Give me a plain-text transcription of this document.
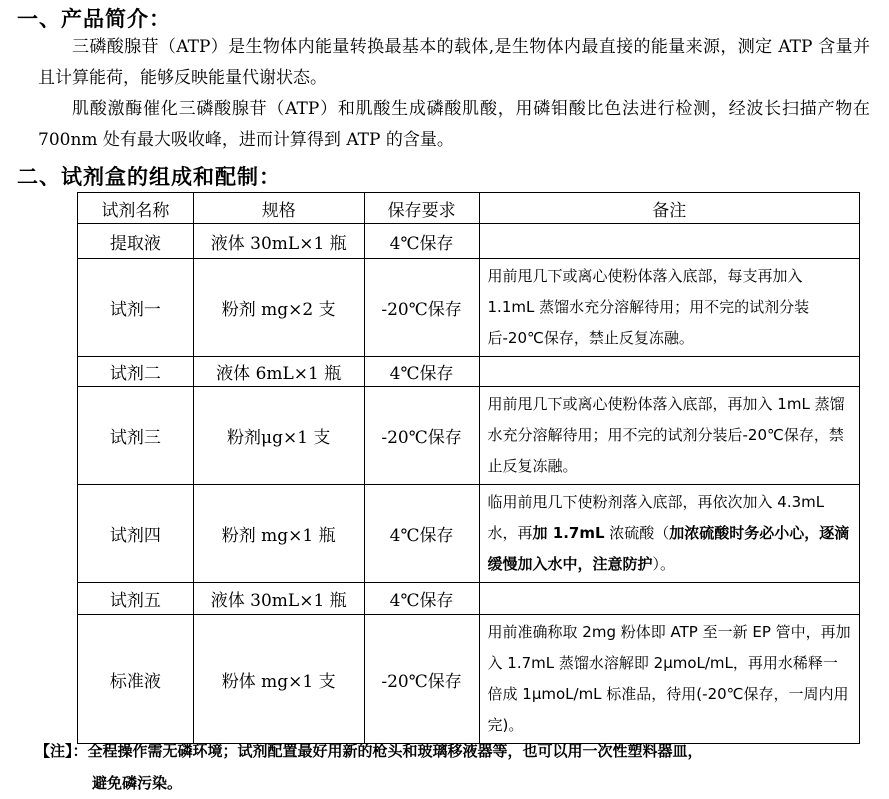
一、产品简介：

三磷酸腺苷（ATP）是生物体内能量转换最基本的载体,是生物体内最直接的能量来源，测定 ATP 含量并且计算能荷，能够反映能量代谢状态。

肌酸激酶催化三磷酸腺苷（ATP）和肌酸生成磷酸肌酸，用磷钼酸比色法进行检测，经波长扫描产物在 700nm 处有最大吸收峰，进而计算得到 ATP 的含量。

二、试剂盒的组成和配制：
试剂名称	规格	保存要求	备注
提取液	液体 30mL×1 瓶	4℃保存	
试剂一	粉剂 mg×2 支	-20℃保存	用前甩几下或离心使粉体落入底部，每支再加入 1.1mL 蒸馏水充分溶解待用；用不完的试剂分装后-20℃保存，禁止反复冻融。
试剂二	液体 6mL×1 瓶	4℃保存	
试剂三	粉剂μg×1 支	-20℃保存	用前甩几下或离心使粉体落入底部，再加入 1mL 蒸馏水充分溶解待用；用不完的试剂分装后-20℃保存，禁止反复冻融。
试剂四	粉剂 mg×1 瓶	4℃保存	临用前甩几下使粉剂落入底部，再依次加入 4.3mL 水，再加 1.7mL 浓硫酸（加浓硫酸时务必小心，逐滴缓慢加入水中，注意防护）。
试剂五	液体 30mL×1 瓶	4℃保存	
标准液	粉体 mg×1 支	-20℃保存	用前准确称取 2mg 粉体即 ATP 至一新 EP 管中，再加入 1.7mL 蒸馏水溶解即 2μmoL/mL，再用水稀释一倍成 1μmoL/mL 标准品，待用(-20℃保存，一周内用完)。
【注】：全程操作需无磷环境；试剂配置最好用新的枪头和玻璃移液器等，也可以用一次性塑料器皿，
避免磷污染。
